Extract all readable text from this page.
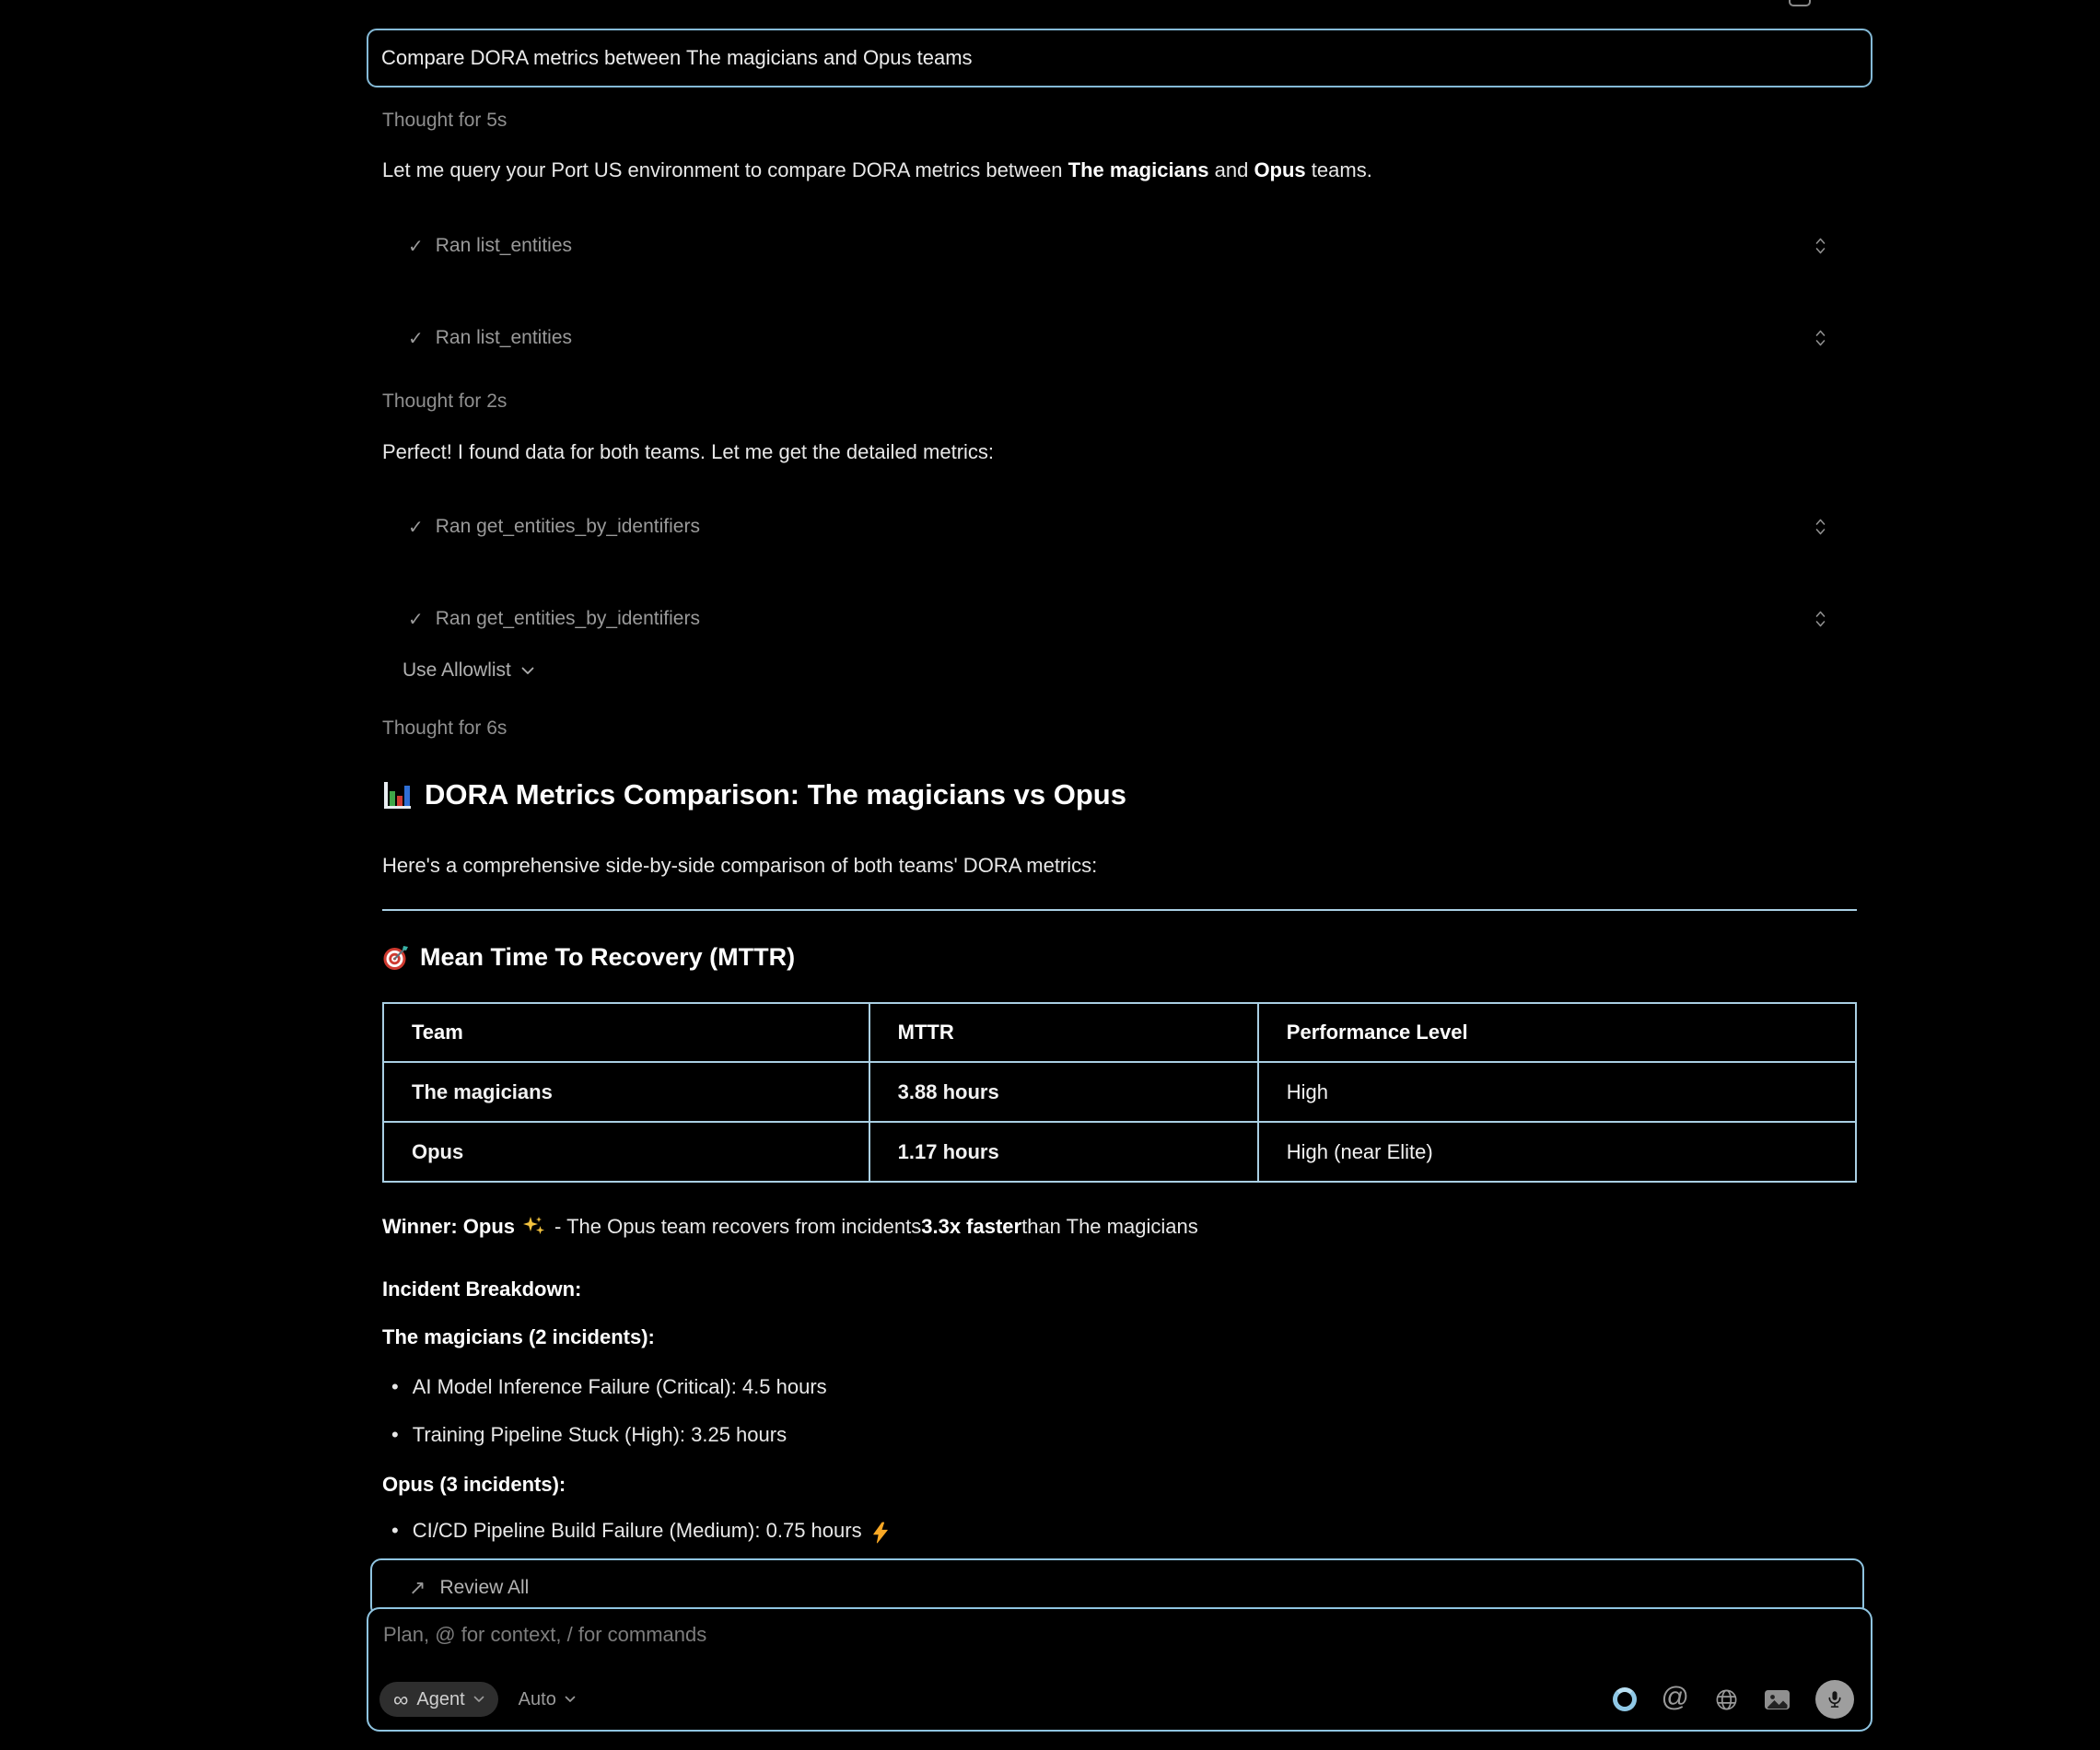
Compare DORA metrics between The magicians and Opus teams
Thought for 5s
Let me query your Port US environment to compare DORA metrics between The magicians and Opus teams.
✓ Ran list_entities
✓ Ran list_entities
Thought for 2s
Perfect! I found data for both teams. Let me get the detailed metrics:
✓ Ran get_entities_by_identifiers
✓ Ran get_entities_by_identifiers
Use Allowlist
Thought for 6s
DORA Metrics Comparison: The magicians vs Opus
Here's a comprehensive side-by-side comparison of both teams' DORA metrics:
Mean Time To Recovery (MTTR)
Team	MTTR	Performance Level
The magicians	3.88 hours	High
Opus	1.17 hours	High (near Elite)
Winner: Opus - The Opus team recovers from incidents 3.3x faster than The magicians
Incident Breakdown:
The magicians (2 incidents):
• AI Model Inference Failure (Critical): 4.5 hours
• Training Pipeline Stuck (High): 3.25 hours
Opus (3 incidents):
• CI/CD Pipeline Build Failure (Medium): 0.75 hours
↗ Review All
Plan, @ for context, / for commands
∞ Agent	Auto	@
